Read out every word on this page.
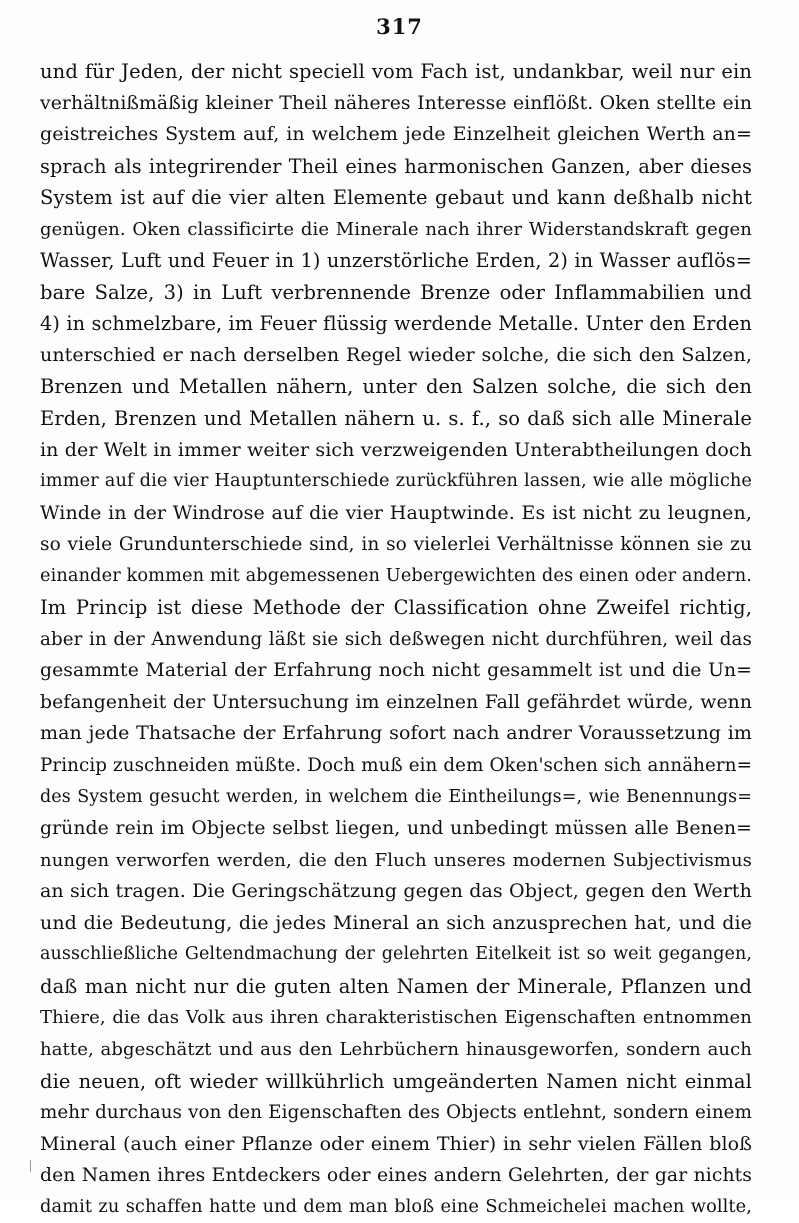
317
und für Jeden, der nicht speciell vom Fach ist, undankbar, weil nur ein
verhältnißmäßig kleiner Theil näheres Interesse einflößt. Oken stellte ein
geistreiches System auf, in welchem jede Einzelheit gleichen Werth an=
sprach als integrirender Theil eines harmonischen Ganzen, aber dieses
System ist auf die vier alten Elemente gebaut und kann deßhalb nicht
genügen. Oken classificirte die Minerale nach ihrer Widerstandskraft gegen
Wasser, Luft und Feuer in 1) unzerstörliche Erden, 2) in Wasser auflös=
bare Salze, 3) in Luft verbrennende Brenze oder Inflammabilien und
4) in schmelzbare, im Feuer flüssig werdende Metalle. Unter den Erden
unterschied er nach derselben Regel wieder solche, die sich den Salzen,
Brenzen und Metallen nähern, unter den Salzen solche, die sich den
Erden, Brenzen und Metallen nähern u. s. f., so daß sich alle Minerale
in der Welt in immer weiter sich verzweigenden Unterabtheilungen doch
immer auf die vier Hauptunterschiede zurückführen lassen, wie alle mögliche
Winde in der Windrose auf die vier Hauptwinde. Es ist nicht zu leugnen,
so viele Grundunterschiede sind, in so vielerlei Verhältnisse können sie zu
einander kommen mit abgemessenen Uebergewichten des einen oder andern.
Im Princip ist diese Methode der Classification ohne Zweifel richtig,
aber in der Anwendung läßt sie sich deßwegen nicht durchführen, weil das
gesammte Material der Erfahrung noch nicht gesammelt ist und die Un=
befangenheit der Untersuchung im einzelnen Fall gefährdet würde, wenn
man jede Thatsache der Erfahrung sofort nach andrer Voraussetzung im
Princip zuschneiden müßte. Doch muß ein dem Oken'schen sich annähern=
des System gesucht werden, in welchem die Eintheilungs=, wie Benennungs=
gründe rein im Objecte selbst liegen, und unbedingt müssen alle Benen=
nungen verworfen werden, die den Fluch unseres modernen Subjectivismus
an sich tragen. Die Geringschätzung gegen das Object, gegen den Werth
und die Bedeutung, die jedes Mineral an sich anzusprechen hat, und die
ausschließliche Geltendmachung der gelehrten Eitelkeit ist so weit gegangen,
daß man nicht nur die guten alten Namen der Minerale, Pflanzen und
Thiere, die das Volk aus ihren charakteristischen Eigenschaften entnommen
hatte, abgeschätzt und aus den Lehrbüchern hinausgeworfen, sondern auch
die neuen, oft wieder willkührlich umgeänderten Namen nicht einmal
mehr durchaus von den Eigenschaften des Objects entlehnt, sondern einem
Mineral (auch einer Pflanze oder einem Thier) in sehr vielen Fällen bloß
den Namen ihres Entdeckers oder eines andern Gelehrten, der gar nichts
damit zu schaffen hatte und dem man bloß eine Schmeichelei machen wollte,
